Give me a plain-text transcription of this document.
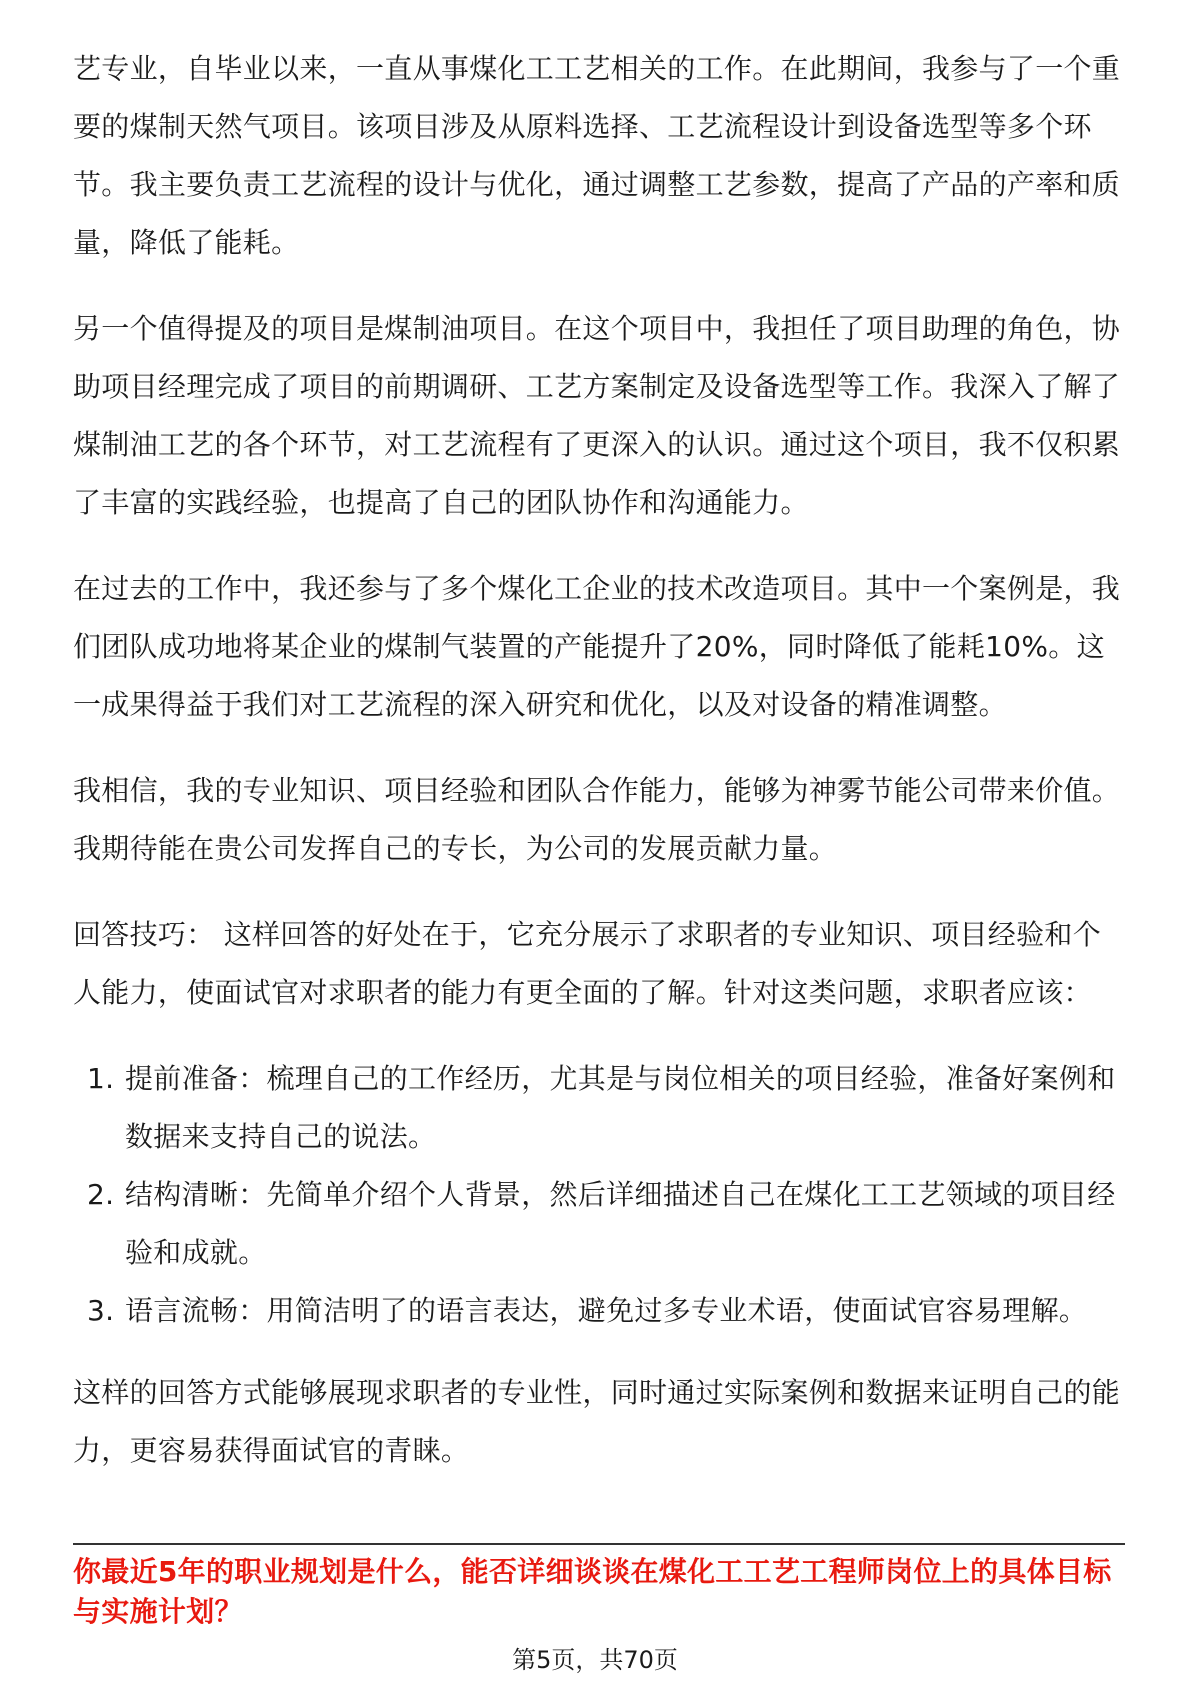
艺专业，自毕业以来，一直从事煤化工工艺相关的工作。在此期间，我参与了一个重要的煤制天然气项目。该项目涉及从原料选择、工艺流程设计到设备选型等多个环节。我主要负责工艺流程的设计与优化，通过调整工艺参数，提高了产品的产率和质量，降低了能耗。

另一个值得提及的项目是煤制油项目。在这个项目中，我担任了项目助理的角色，协助项目经理完成了项目的前期调研、工艺方案制定及设备选型等工作。我深入了解了煤制油工艺的各个环节，对工艺流程有了更深入的认识。通过这个项目，我不仅积累了丰富的实践经验，也提高了自己的团队协作和沟通能力。

在过去的工作中，我还参与了多个煤化工企业的技术改造项目。其中一个案例是，我们团队成功地将某企业的煤制气装置的产能提升了20%，同时降低了能耗10%。这一成果得益于我们对工艺流程的深入研究和优化，以及对设备的精准调整。

我相信，我的专业知识、项目经验和团队合作能力，能够为神雾节能公司带来价值。我期待能在贵公司发挥自己的专长，为公司的发展贡献力量。

回答技巧： 这样回答的好处在于，它充分展示了求职者的专业知识、项目经验和个人能力，使面试官对求职者的能力有更全面的了解。针对这类问题，求职者应该：

1. 提前准备：梳理自己的工作经历，尤其是与岗位相关的项目经验，准备好案例和数据来支持自己的说法。
2. 结构清晰：先简单介绍个人背景，然后详细描述自己在煤化工工艺领域的项目经验和成就。
3. 语言流畅：用简洁明了的语言表达，避免过多专业术语，使面试官容易理解。

这样的回答方式能够展现求职者的专业性，同时通过实际案例和数据来证明自己的能力，更容易获得面试官的青睐。

你最近5年的职业规划是什么，能否详细谈谈在煤化工工艺工程师岗位上的具体目标与实施计划？
第5页，共70页
